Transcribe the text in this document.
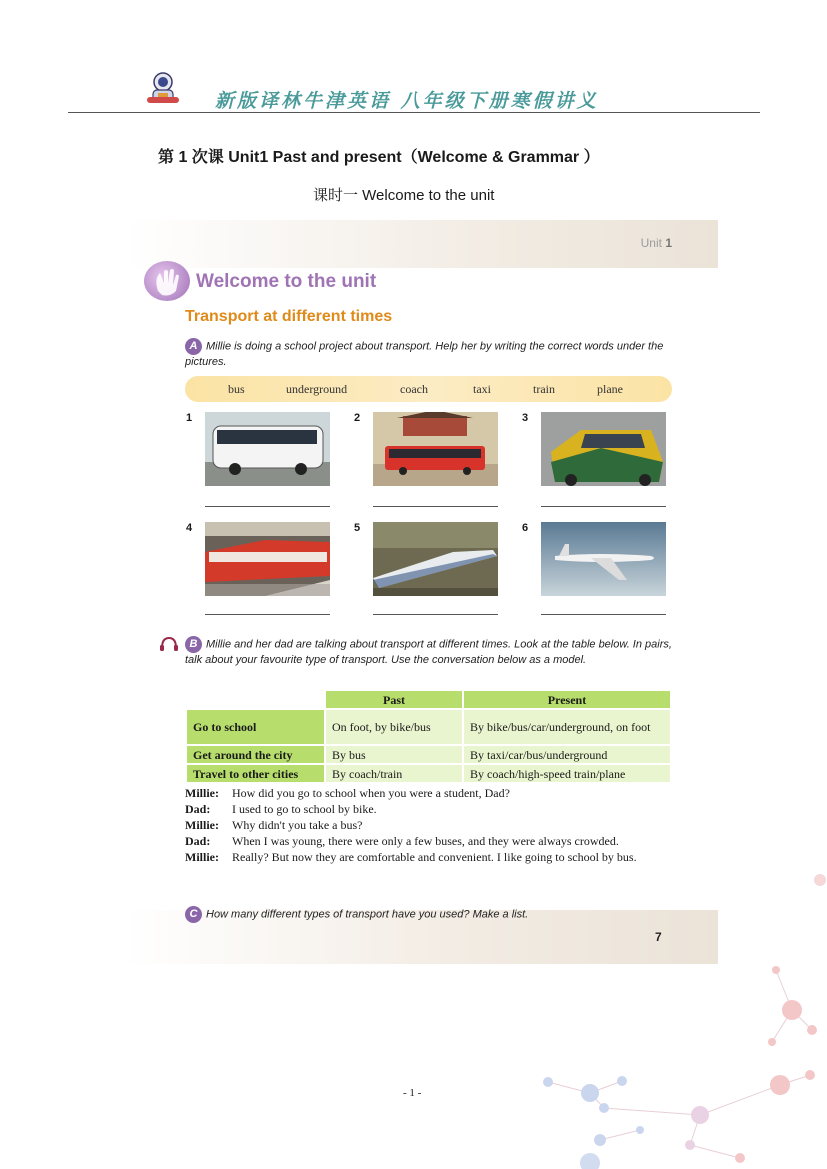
新版译林牛津英语 八年级下册寒假讲义
第 1 次课 Unit1 Past and present（Welcome & Grammar ）
课时一 Welcome to the unit
Unit 1
Welcome to the unit
Transport at different times
A Millie is doing a school project about transport. Help her by writing the correct words under the pictures.
bus	underground	coach	taxi	train	plane
1	2	3
4	5	6
B Millie and her dad are talking about transport at different times. Look at the table below. In pairs, talk about your favourite type of transport. Use the conversation below as a model.
	Past	Present
Go to school	On foot, by bike/bus	By bike/bus/car/underground, on foot
Get around the city	By bus	By taxi/car/bus/underground
Travel to other cities	By coach/train	By coach/high-speed train/plane
Millie:	How did you go to school when you were a student, Dad?
Dad:	I used to go to school by bike.
Millie:	Why didn't you take a bus?
Dad:	When I was young, there were only a few buses, and they were always crowded.
Millie:	Really? But now they are comfortable and convenient. I like going to school by bus.
C How many different types of transport have you used? Make a list.
7
- 1 -
